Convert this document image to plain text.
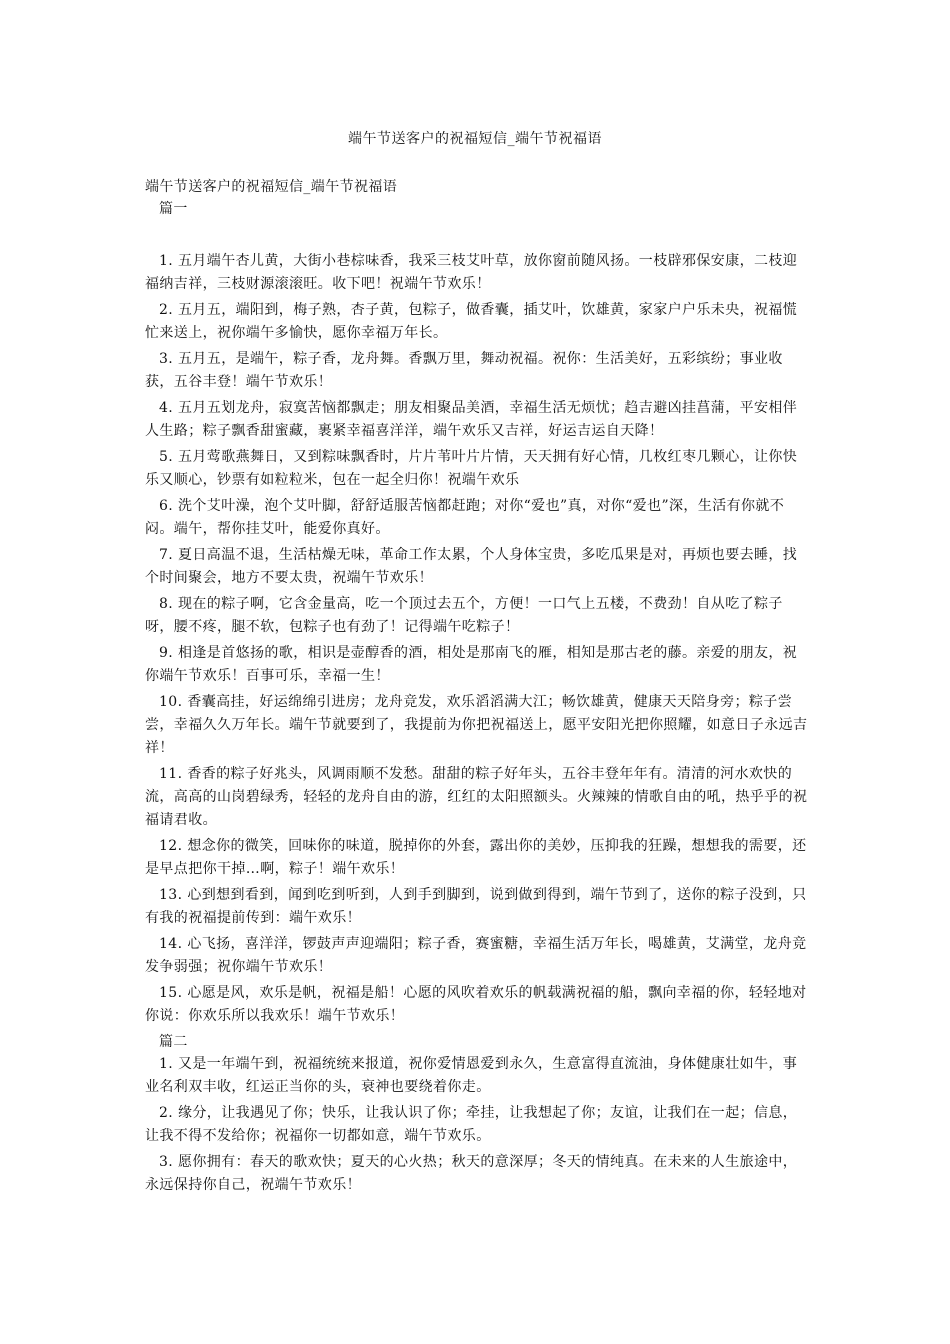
端午节送客户的祝福短信_端午节祝福语

端午节送客户的祝福短信_端午节祝福语

篇一

1. 五月端午杏儿黄，大街小巷棕味香，我采三枝艾叶草，放你窗前随风扬。一枝辟邪保安康，二枝迎福纳吉祥，三枝财源滚滚旺。收下吧！祝端午节欢乐！

2. 五月五，端阳到，梅子熟，杏子黄，包粽子，做香囊，插艾叶，饮雄黄，家家户户乐未央，祝福慌忙来送上，祝你端午多愉快，愿你幸福万年长。

3. 五月五，是端午，粽子香，龙舟舞。香飘万里，舞动祝福。祝你：生活美好，五彩缤纷；事业收获，五谷丰登！端午节欢乐！

4. 五月五划龙舟，寂寞苦恼都飘走；朋友相聚品美酒，幸福生活无烦忧；趋吉避凶挂菖蒲，平安相伴人生路；粽子飘香甜蜜藏，裹紧幸福喜洋洋，端午欢乐又吉祥，好运吉运自天降！

5. 五月莺歌燕舞日，又到粽味飘香时，片片苇叶片片情，天天拥有好心情，几枚红枣几颗心，让你快乐又顺心，钞票有如粒粒米，包在一起全归你！祝端午欢乐

6. 洗个艾叶澡，泡个艾叶脚，舒舒适服苦恼都赶跑；对你“爱也”真，对你“爱也”深，生活有你就不闷。端午，帮你挂艾叶，能爱你真好。

7. 夏日高温不退，生活枯燥无味，革命工作太累，个人身体宝贵，多吃瓜果是对，再烦也要去睡，找个时间聚会，地方不要太贵，祝端午节欢乐！

8. 现在的粽子啊，它含金量高，吃一个顶过去五个，方便！一口气上五楼，不费劲！自从吃了粽子呀，腰不疼，腿不软，包粽子也有劲了！记得端午吃粽子！

9. 相逢是首悠扬的歌，相识是壶醇香的酒，相处是那南飞的雁，相知是那古老的藤。亲爱的朋友，祝你端午节欢乐！百事可乐，幸福一生！

10. 香囊高挂，好运绵绵引进房；龙舟竞发，欢乐滔滔满大江；畅饮雄黄，健康天天陪身旁；粽子尝尝，幸福久久万年长。端午节就要到了，我提前为你把祝福送上，愿平安阳光把你照耀，如意日子永远吉祥！

11. 香香的粽子好兆头，风调雨顺不发愁。甜甜的粽子好年头，五谷丰登年年有。清清的河水欢快的流，高高的山岗碧绿秀，轻轻的龙舟自由的游，红红的太阳照额头。火辣辣的情歌自由的吼，热乎乎的祝福请君收。

12. 想念你的微笑，回味你的味道，脱掉你的外套，露出你的美妙，压抑我的狂躁，想想我的需要，还是早点把你干掉…啊，粽子！端午欢乐！

13. 心到想到看到，闻到吃到听到，人到手到脚到，说到做到得到，端午节到了，送你的粽子没到，只有我的祝福提前传到：端午欢乐！

14. 心飞扬，喜洋洋，锣鼓声声迎端阳；粽子香，赛蜜糖，幸福生活万年长，喝雄黄，艾满堂，龙舟竞发争弱强；祝你端午节欢乐！

15. 心愿是风，欢乐是帆，祝福是船！心愿的风吹着欢乐的帆载满祝福的船，飘向幸福的你，轻轻地对你说：你欢乐所以我欢乐！端午节欢乐！

篇二

1. 又是一年端午到，祝福统统来报道，祝你爱情恩爱到永久，生意富得直流油，身体健康壮如牛，事业名利双丰收，红运正当你的头，衰神也要绕着你走。

2. 缘分，让我遇见了你；快乐，让我认识了你；牵挂，让我想起了你；友谊，让我们在一起；信息，让我不得不发给你；祝福你一切都如意，端午节欢乐。

3. 愿你拥有：春天的歌欢快；夏天的心火热；秋天的意深厚；冬天的情纯真。在未来的人生旅途中，永远保持你自己，祝端午节欢乐！
